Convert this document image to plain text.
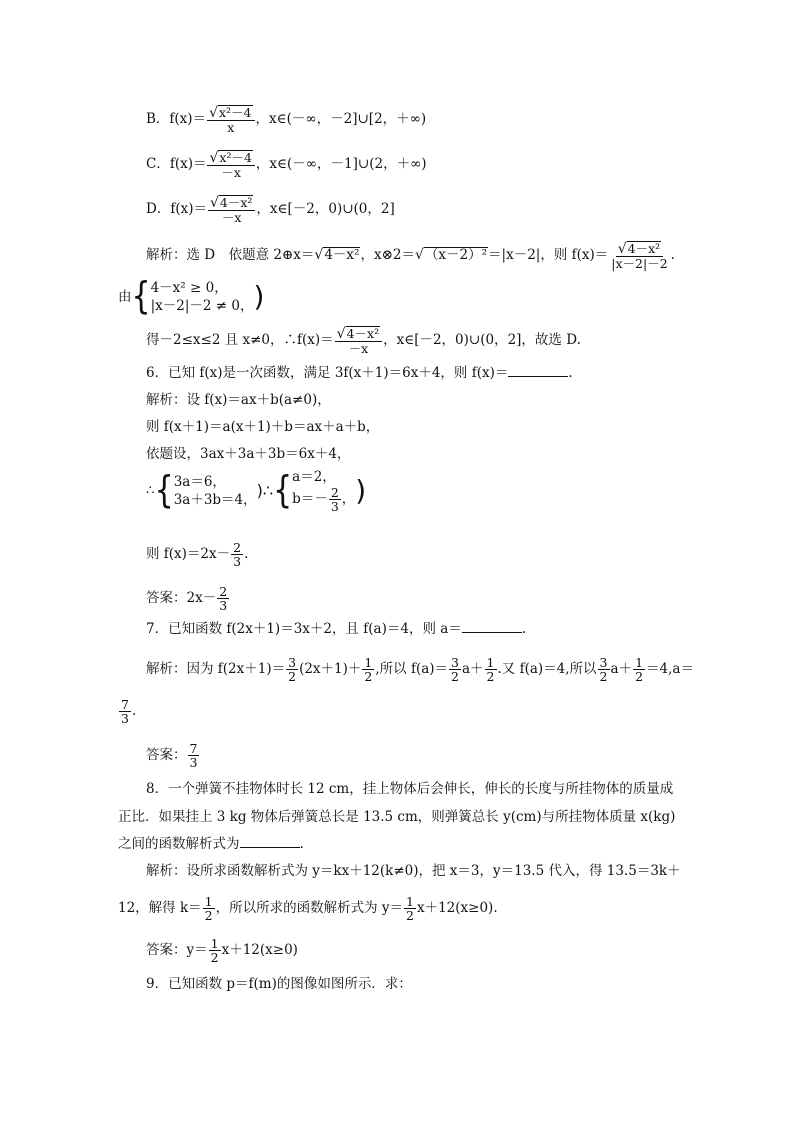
B．$f(x)= \frac{\text{√x²－4}}{x}$ ，x∈(－∞，－2]∪[2，＋∞)
C．$f(x)= \frac{\text{√x²－4}}{-x}$ ，x∈(－∞，－1]∪(2，＋∞)
D．$f(x)= \frac{\text{√4－x²}}{-x}$ ，x∈[－2，0)∪(0，2]
解析：选 D　依题意 2⊕x＝√4－x²，x⊗2＝√（x－2）²＝|x－2|，则 $f(x)= \frac{\text{√4－x²}}{|x-2|-2}$ .
由{ 4－x² ≥ 0，
|x－2|－2 ≠ 0， )
得－2≤x≤2 且 x≠0，∴f(x)＝ $\frac{\text{√4－x²}}{-x}$ ，x∈[－2，0)∪(0，2]，故选 D.
6．已知 f(x)是一次函数，满足 3f(x＋1)＝6x＋4，则 f(x)＝	.
解析：设 f(x)＝ax＋b(a≠0)，
则 f(x＋1)＝a(x＋1)＋b＝ax＋a＋b，
依题设，3ax＋3a＋3b＝6x＋4，
∴{ 3a＝6，
3a＋3b＝4， )∴{ a＝2，
$b=- \frac{2}{3}$ ， )
则 $f(x)=2x- \frac{2}{3}$ .
答案：$2x- \frac{2}{3}$
7．已知函数 f(2x＋1)＝3x＋2，且 f(a)＝4，则 a＝	.
解析：因为 $f(2x+1)= \frac{3}{2} (2x+1)+ \frac{1}{2}$ ,所以 $f(a)= \frac{3}{2} a+ \frac{1}{2}$ .又 f(a)＝4,所以 $\frac{3}{2} a+ \frac{1}{2} =4,a=$
$\frac{7}{3}$ .
答案： $\frac{7}{3}$
8．一个弹簧不挂物体时长 12 cm，挂上物体后会伸长，伸长的长度与所挂物体的质量成
正比．如果挂上 3 kg 物体后弹簧总长是 13.5 cm，则弹簧总长 y(cm)与所挂物体质量 x(kg)
之间的函数解析式为	.
解析：设所求函数解析式为 y＝kx＋12(k≠0)，把 x＝3，y＝13.5 代入，得 13.5＝3k＋
12，解得 $k= \frac{1}{2}$ ，所以所求的函数解析式为 $y= \frac{1}{2} x+12(x\ge 0)$.
答案：$y= \frac{1}{2} x+12(x\ge 0)$
9．已知函数 p＝f(m)的图像如图所示．求：
